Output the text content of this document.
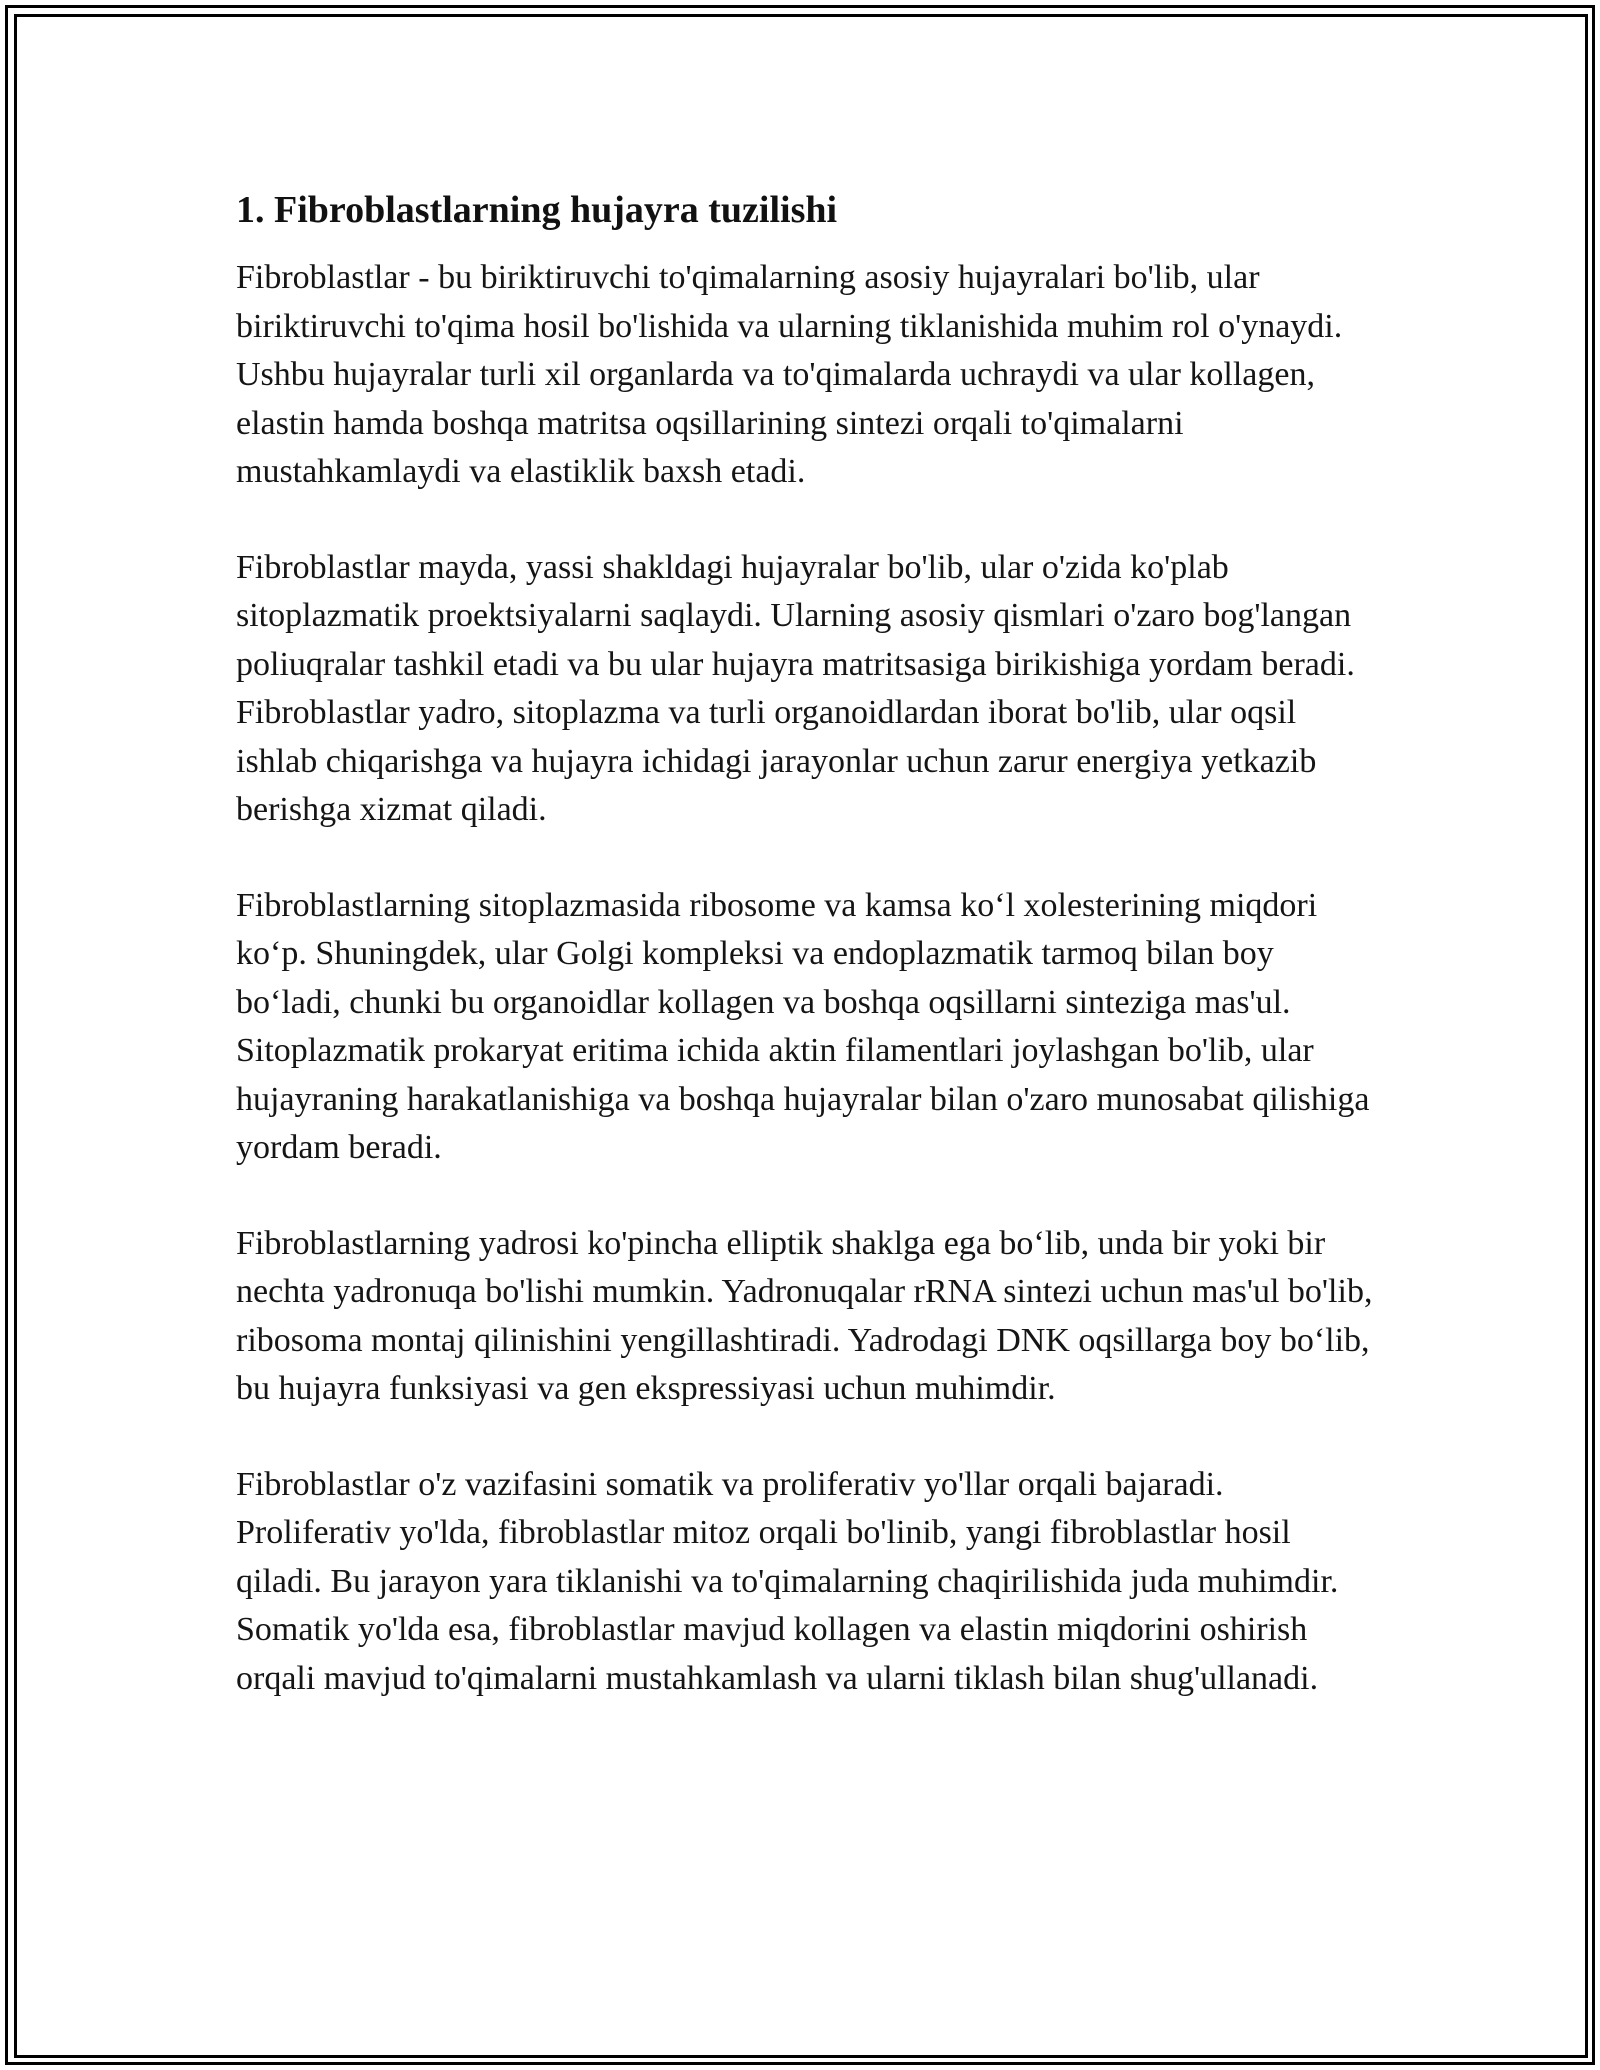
1. Fibroblastlarning hujayra tuzilishi

Fibroblastlar - bu biriktiruvchi to'qimalarning asosiy hujayralari bo'lib, ular biriktiruvchi to'qima hosil bo'lishida va ularning tiklanishida muhim rol o'ynaydi. Ushbu hujayralar turli xil organlarda va to'qimalarda uchraydi va ular kollagen, elastin hamda boshqa matritsa oqsillarining sintezi orqali to'qimalarni mustahkamlaydi va elastiklik baxsh etadi.

Fibroblastlar mayda, yassi shakldagi hujayralar bo'lib, ular o'zida ko'plab sitoplazmatik proektsiyalarni saqlaydi. Ularning asosiy qismlari o'zaro bog'langan poliuqralar tashkil etadi va bu ular hujayra matritsasiga birikishiga yordam beradi. Fibroblastlar yadro, sitoplazma va turli organoidlardan iborat bo'lib, ular oqsil ishlab chiqarishga va hujayra ichidagi jarayonlar uchun zarur energiya yetkazib berishga xizmat qiladi.

Fibroblastlarning sitoplazmasida ribosome va kamsa ko‘l xolesterining miqdori ko‘p. Shuningdek, ular Golgi kompleksi va endoplazmatik tarmoq bilan boy bo‘ladi, chunki bu organoidlar kollagen va boshqa oqsillarni sinteziga mas'ul. Sitoplazmatik prokaryat eritima ichida aktin filamentlari joylashgan bo'lib, ular hujayraning harakatlanishiga va boshqa hujayralar bilan o'zaro munosabat qilishiga yordam beradi.

Fibroblastlarning yadrosi ko'pincha elliptik shaklga ega bo‘lib, unda bir yoki bir nechta yadronuqa bo'lishi mumkin. Yadronuqalar rRNA sintezi uchun mas'ul bo'lib, ribosoma montaj qilinishini yengillashtiradi. Yadrodagi DNK oqsillarga boy bo‘lib, bu hujayra funksiyasi va gen ekspressiyasi uchun muhimdir.

Fibroblastlar o'z vazifasini somatik va proliferativ yo'llar orqali bajaradi. Proliferativ yo'lda, fibroblastlar mitoz orqali bo'linib, yangi fibroblastlar hosil qiladi. Bu jarayon yara tiklanishi va to'qimalarning chaqirilishida juda muhimdir. Somatik yo'lda esa, fibroblastlar mavjud kollagen va elastin miqdorini oshirish orqali mavjud to'qimalarni mustahkamlash va ularni tiklash bilan shug'ullanadi.
